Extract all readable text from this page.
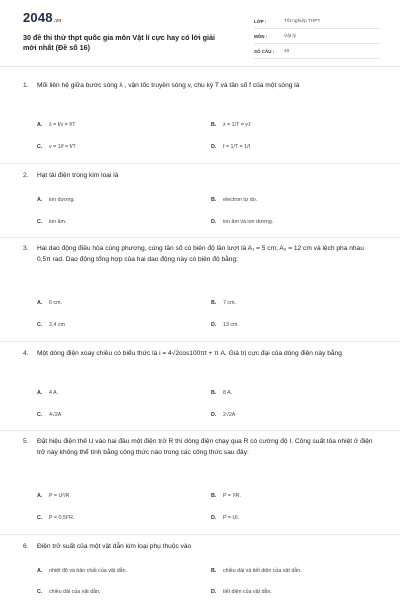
2048.vn
30 đề thi thử thpt quốc gia môn Vật lí cực hay có lời giải mới nhất (Đề số 16)
LỚP :	Tốt nghiệp THPT
MÔN :	Vật lý
SỐ CÂU :	40
1.	Mối liên hệ giữa bước sóng λ , vận tốc truyền sóng v, chu kỳ T và tần số f của một sóng là
A.	λ = f/v = f/T	B.	λ = 1/T = v.f
C.	v = 1/f = f/T	D.	f = 1/T = 1/f
2.	Hạt tải điện trong kim loại là
A.	ion dương.	B.	electron tự do.
C.	ion âm.	D.	ion âm và ion dương.
3.	Hai dao động điều hòa cùng phương, cùng tần số có biên độ lần lượt là A₁ = 5 cm; A₂ = 12 cm và lệch pha nhau 0,5π rad. Dao động tổng hợp của hai dao động này có biên độ bằng:
A.	6 cm.	B.	7 cm.
C.	2,4 cm	D.	13 cm.
4.	Một dòng điện xoay chiều có biểu thức là i = 4√2cos100πt + π A. Giá trị cực đại của dòng điện này bằng
A.	4 A.	B.	8 A.
C.	4√2A	D.	2√2A
5.	Đặt hiệu điện thế U vào hai đầu một điện trở R thì dòng điện chạy qua R có cường độ I. Công suất tỏa nhiệt ở điện trở này không thể tính bằng công thức nào trong các công thức sau đây:
A.	P = U²/R	B.	P = I²R.
C.	P = 0,5I²R.	D.	P = UI.
6.	Điện trở suất của một vật dẫn kim loại phụ thuộc vào
A.	nhiệt độ và bản chất của vật dẫn.	B.	chiều dài và tiết diện của vật dẫn.
C.	chiều dài của vật dẫn.	D.	tiết diện của vật dẫn.
